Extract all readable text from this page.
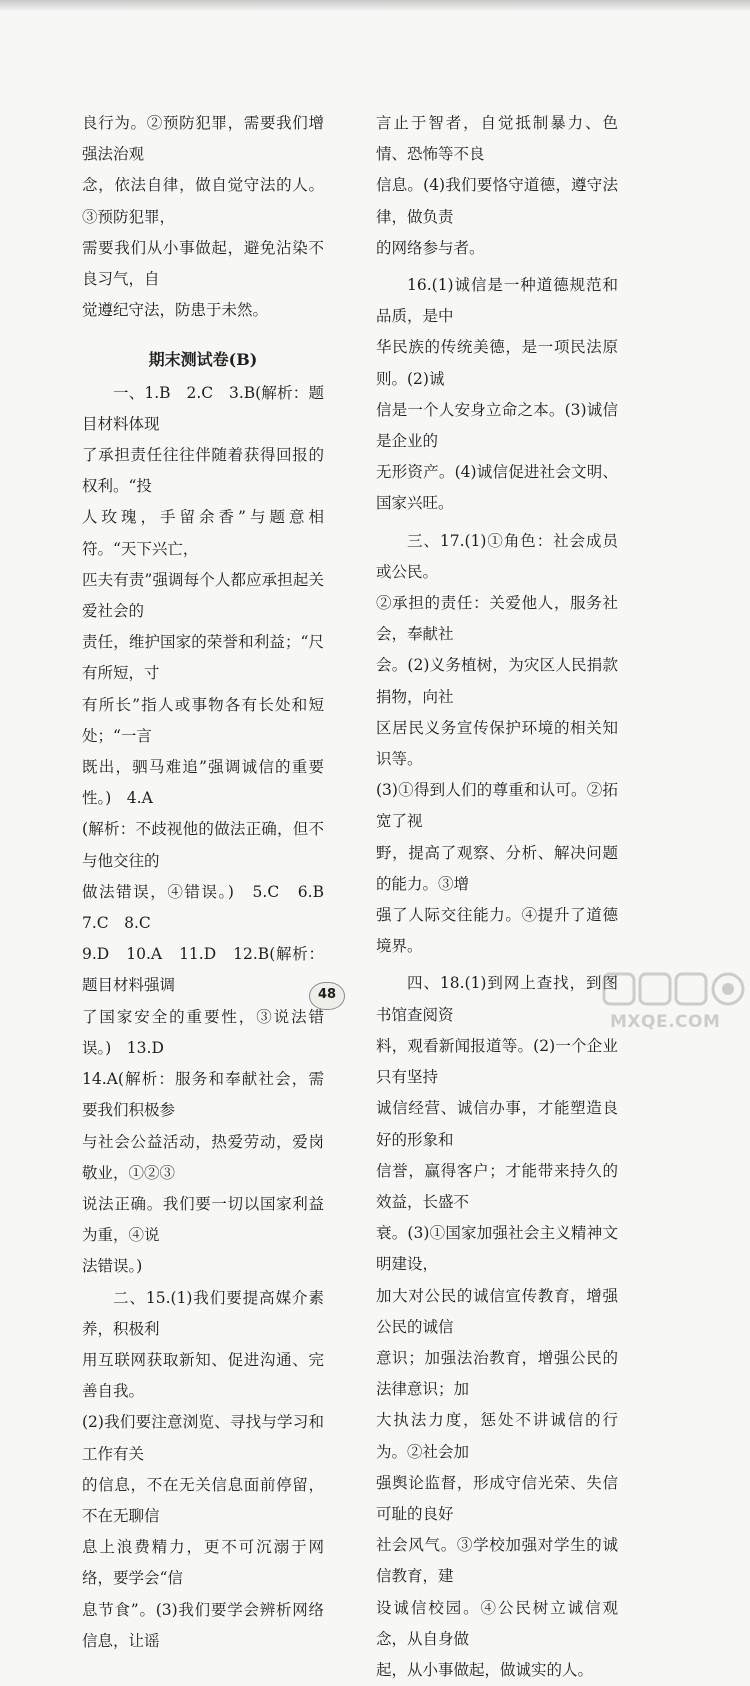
良行为。②预防犯罪，需要我们增强法治观

念，依法自律，做自觉守法的人。③预防犯罪，

需要我们从小事做起，避免沾染不良习气，自

觉遵纪守法，防患于未然。

期末测试卷(B)

一、1.B　2.C　3.B(解析：题目材料体现

了承担责任往往伴随着获得回报的权利。“投

人玫瑰，手留余香”与题意相符。“天下兴亡，

匹夫有责”强调每个人都应承担起关爱社会的

责任，维护国家的荣誉和利益；“尺有所短，寸

有所长”指人或事物各有长处和短处；“一言

既出，驷马难追”强调诚信的重要性。)　4.A

(解析：不歧视他的做法正确，但不与他交往的

做法错误，④错误。)　5.C　6.B　7.C　8.C

9.D　10.A　11.D　12.B(解析：题目材料强调

了国家安全的重要性，③说法错误。)　13.D

14.A(解析：服务和奉献社会，需要我们积极参

与社会公益活动，热爱劳动，爱岗敬业，①②③

说法正确。我们要一切以国家利益为重，④说

法错误。)

二、15.(1)我们要提高媒介素养，积极利

用互联网获取新知、促进沟通、完善自我。

(2)我们要注意浏览、寻找与学习和工作有关

的信息，不在无关信息面前停留，不在无聊信

息上浪费精力，更不可沉溺于网络，要学会“信

息节食”。(3)我们要学会辨析网络信息，让谣

言止于智者，自觉抵制暴力、色情、恐怖等不良

信息。(4)我们要恪守道德，遵守法律，做负责

的网络参与者。

16.(1)诚信是一种道德规范和品质，是中

华民族的传统美德，是一项民法原则。(2)诚

信是一个人安身立命之本。(3)诚信是企业的

无形资产。(4)诚信促进社会文明、国家兴旺。

三、17.(1)①角色：社会成员或公民。

②承担的责任：关爱他人，服务社会，奉献社

会。(2)义务植树，为灾区人民捐款捐物，向社

区居民义务宣传保护环境的相关知识等。

(3)①得到人们的尊重和认可。②拓宽了视

野，提高了观察、分析、解决问题的能力。③增

强了人际交往能力。④提升了道德境界。

四、18.(1)到网上查找，到图书馆查阅资

料，观看新闻报道等。(2)一个企业只有坚持

诚信经营、诚信办事，才能塑造良好的形象和

信誉，赢得客户；才能带来持久的效益，长盛不

衰。(3)①国家加强社会主义精神文明建设，

加大对公民的诚信宣传教育，增强公民的诚信

意识；加强法治教育，增强公民的法律意识；加

大执法力度，惩处不讲诚信的行为。②社会加

强舆论监督，形成守信光荣、失信可耻的良好

社会风气。③学校加强对学生的诚信教育，建

设诚信校园。④公民树立诚信观念，从自身做

起，从小事做起，做诚实的人。

48
MXQE.COM
